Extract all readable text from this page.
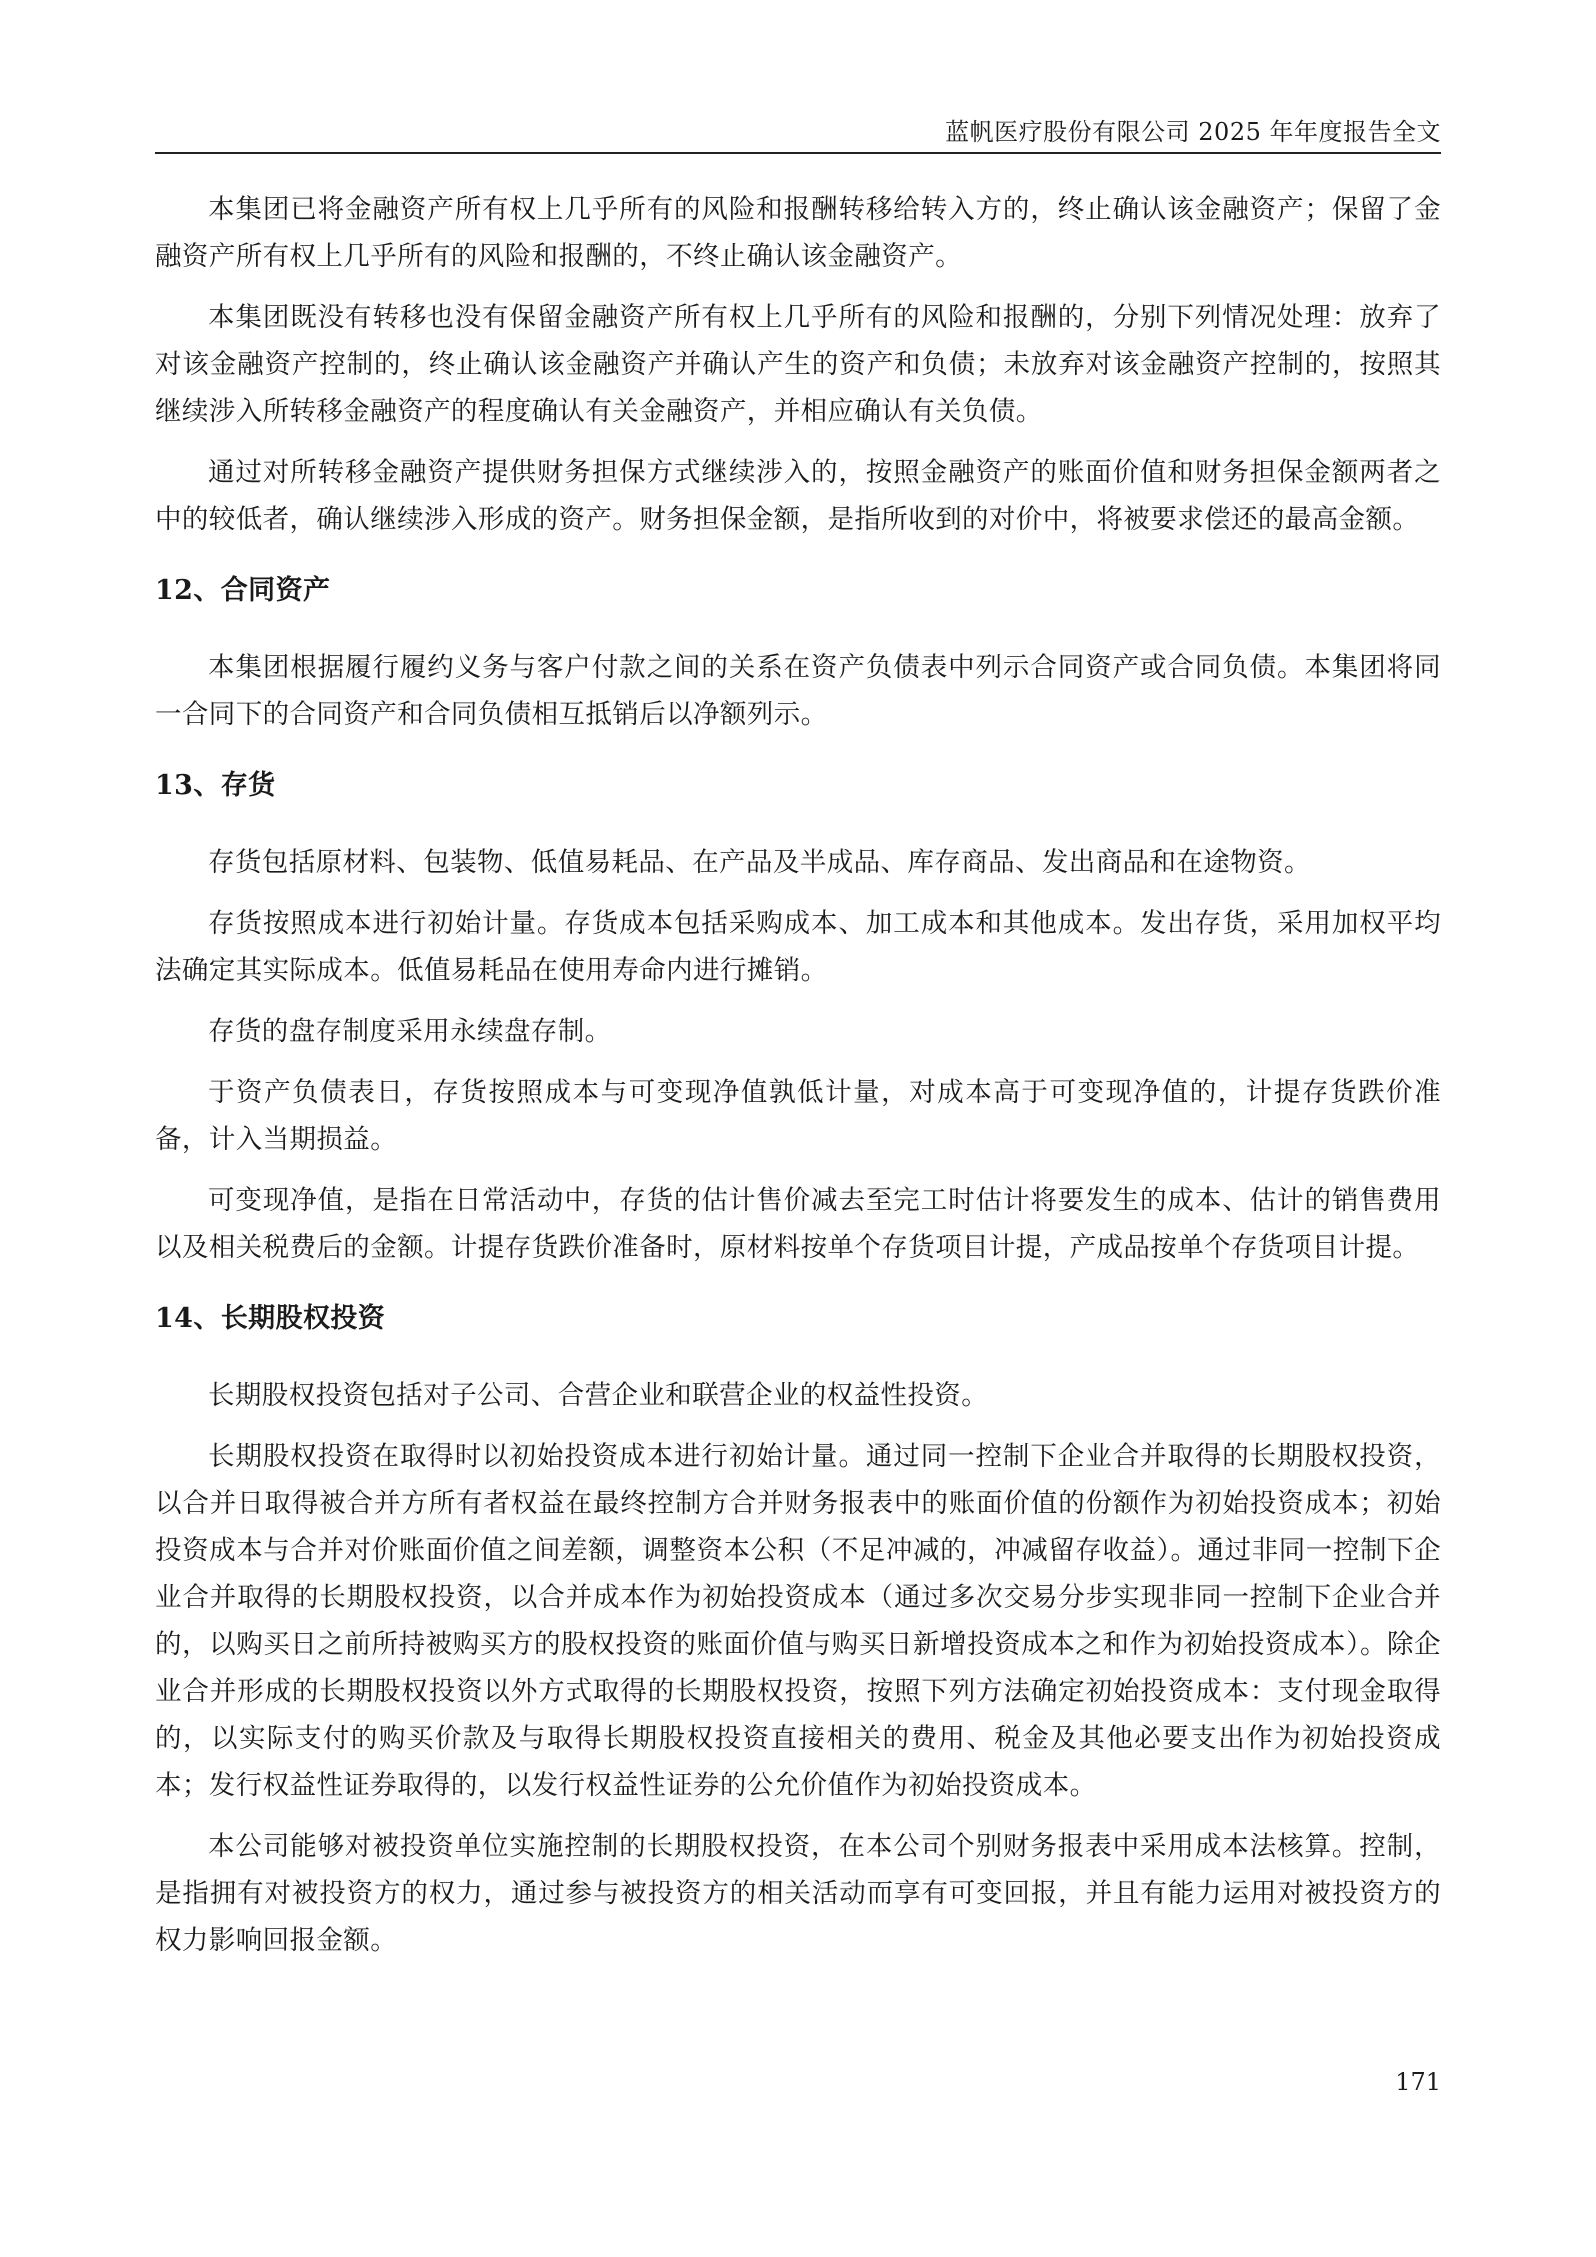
蓝帆医疗股份有限公司 2025 年年度报告全文

本集团已将金融资产所有权上几乎所有的风险和报酬转移给转入方的，终止确认该金融资产；保留了金融资产所有权上几乎所有的风险和报酬的，不终止确认该金融资产。

本集团既没有转移也没有保留金融资产所有权上几乎所有的风险和报酬的，分别下列情况处理：放弃了对该金融资产控制的，终止确认该金融资产并确认产生的资产和负债；未放弃对该金融资产控制的，按照其继续涉入所转移金融资产的程度确认有关金融资产，并相应确认有关负债。

通过对所转移金融资产提供财务担保方式继续涉入的，按照金融资产的账面价值和财务担保金额两者之中的较低者，确认继续涉入形成的资产。财务担保金额，是指所收到的对价中，将被要求偿还的最高金额。

12、合同资产

本集团根据履行履约义务与客户付款之间的关系在资产负债表中列示合同资产或合同负债。本集团将同一合同下的合同资产和合同负债相互抵销后以净额列示。

13、存货

存货包括原材料、包装物、低值易耗品、在产品及半成品、库存商品、发出商品和在途物资。

存货按照成本进行初始计量。存货成本包括采购成本、加工成本和其他成本。发出存货，采用加权平均法确定其实际成本。低值易耗品在使用寿命内进行摊销。

存货的盘存制度采用永续盘存制。

于资产负债表日，存货按照成本与可变现净值孰低计量，对成本高于可变现净值的，计提存货跌价准备，计入当期损益。

可变现净值，是指在日常活动中，存货的估计售价减去至完工时估计将要发生的成本、估计的销售费用以及相关税费后的金额。计提存货跌价准备时，原材料按单个存货项目计提，产成品按单个存货项目计提。

14、长期股权投资

长期股权投资包括对子公司、合营企业和联营企业的权益性投资。

长期股权投资在取得时以初始投资成本进行初始计量。通过同一控制下企业合并取得的长期股权投资，以合并日取得被合并方所有者权益在最终控制方合并财务报表中的账面价值的份额作为初始投资成本；初始投资成本与合并对价账面价值之间差额，调整资本公积（不足冲减的，冲减留存收益）。通过非同一控制下企业合并取得的长期股权投资，以合并成本作为初始投资成本（通过多次交易分步实现非同一控制下企业合并的，以购买日之前所持被购买方的股权投资的账面价值与购买日新增投资成本之和作为初始投资成本）。除企业合并形成的长期股权投资以外方式取得的长期股权投资，按照下列方法确定初始投资成本：支付现金取得的，以实际支付的购买价款及与取得长期股权投资直接相关的费用、税金及其他必要支出作为初始投资成本；发行权益性证券取得的，以发行权益性证券的公允价值作为初始投资成本。

本公司能够对被投资单位实施控制的长期股权投资，在本公司个别财务报表中采用成本法核算。控制，是指拥有对被投资方的权力，通过参与被投资方的相关活动而享有可变回报，并且有能力运用对被投资方的权力影响回报金额。

171
